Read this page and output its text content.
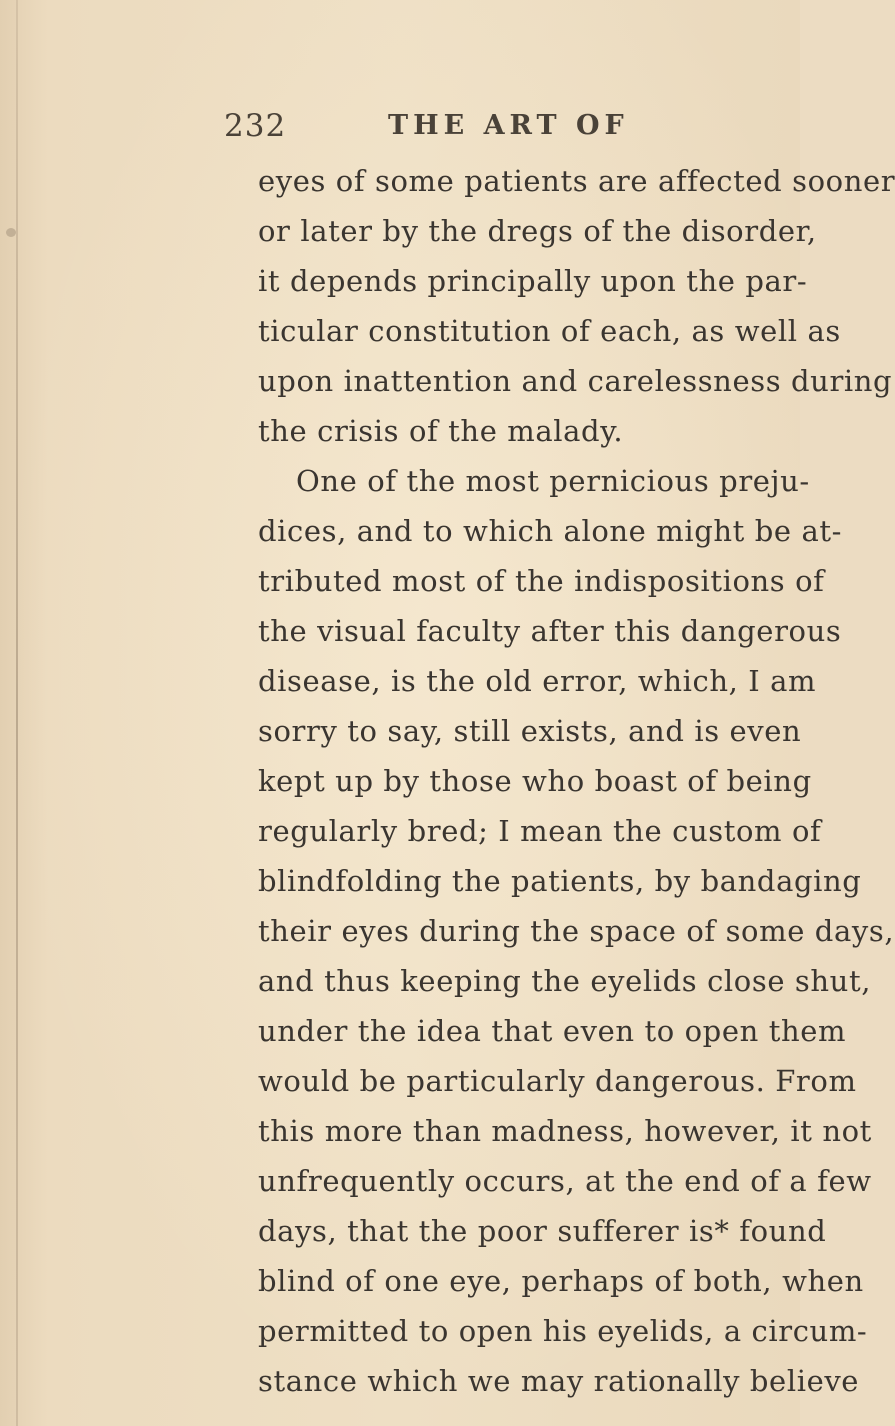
232	THE ART OF
eyes of some patients are affected sooner
or later by the dregs of the disorder,
it depends principally upon the par-
ticular constitution of each, as well as
upon inattention and carelessness during
the crisis of the malady.
One of the most pernicious preju-
dices, and to which alone might be at-
tributed most of the indispositions of
the visual faculty after this dangerous
disease, is the old error, which, I am
sorry to say, still exists, and is even
kept up by those who boast of being
regularly bred; I mean the custom of
blindfolding the patients, by bandaging
their eyes during the space of some days,
and thus keeping the eyelids close shut,
under the idea that even to open them
would be particularly dangerous. From
this more than madness, however, it not
unfrequently occurs, at the end of a few
days, that the poor sufferer is* found
blind of one eye, perhaps of both, when
permitted to open his eyelids, a circum-
stance which we may rationally believe
